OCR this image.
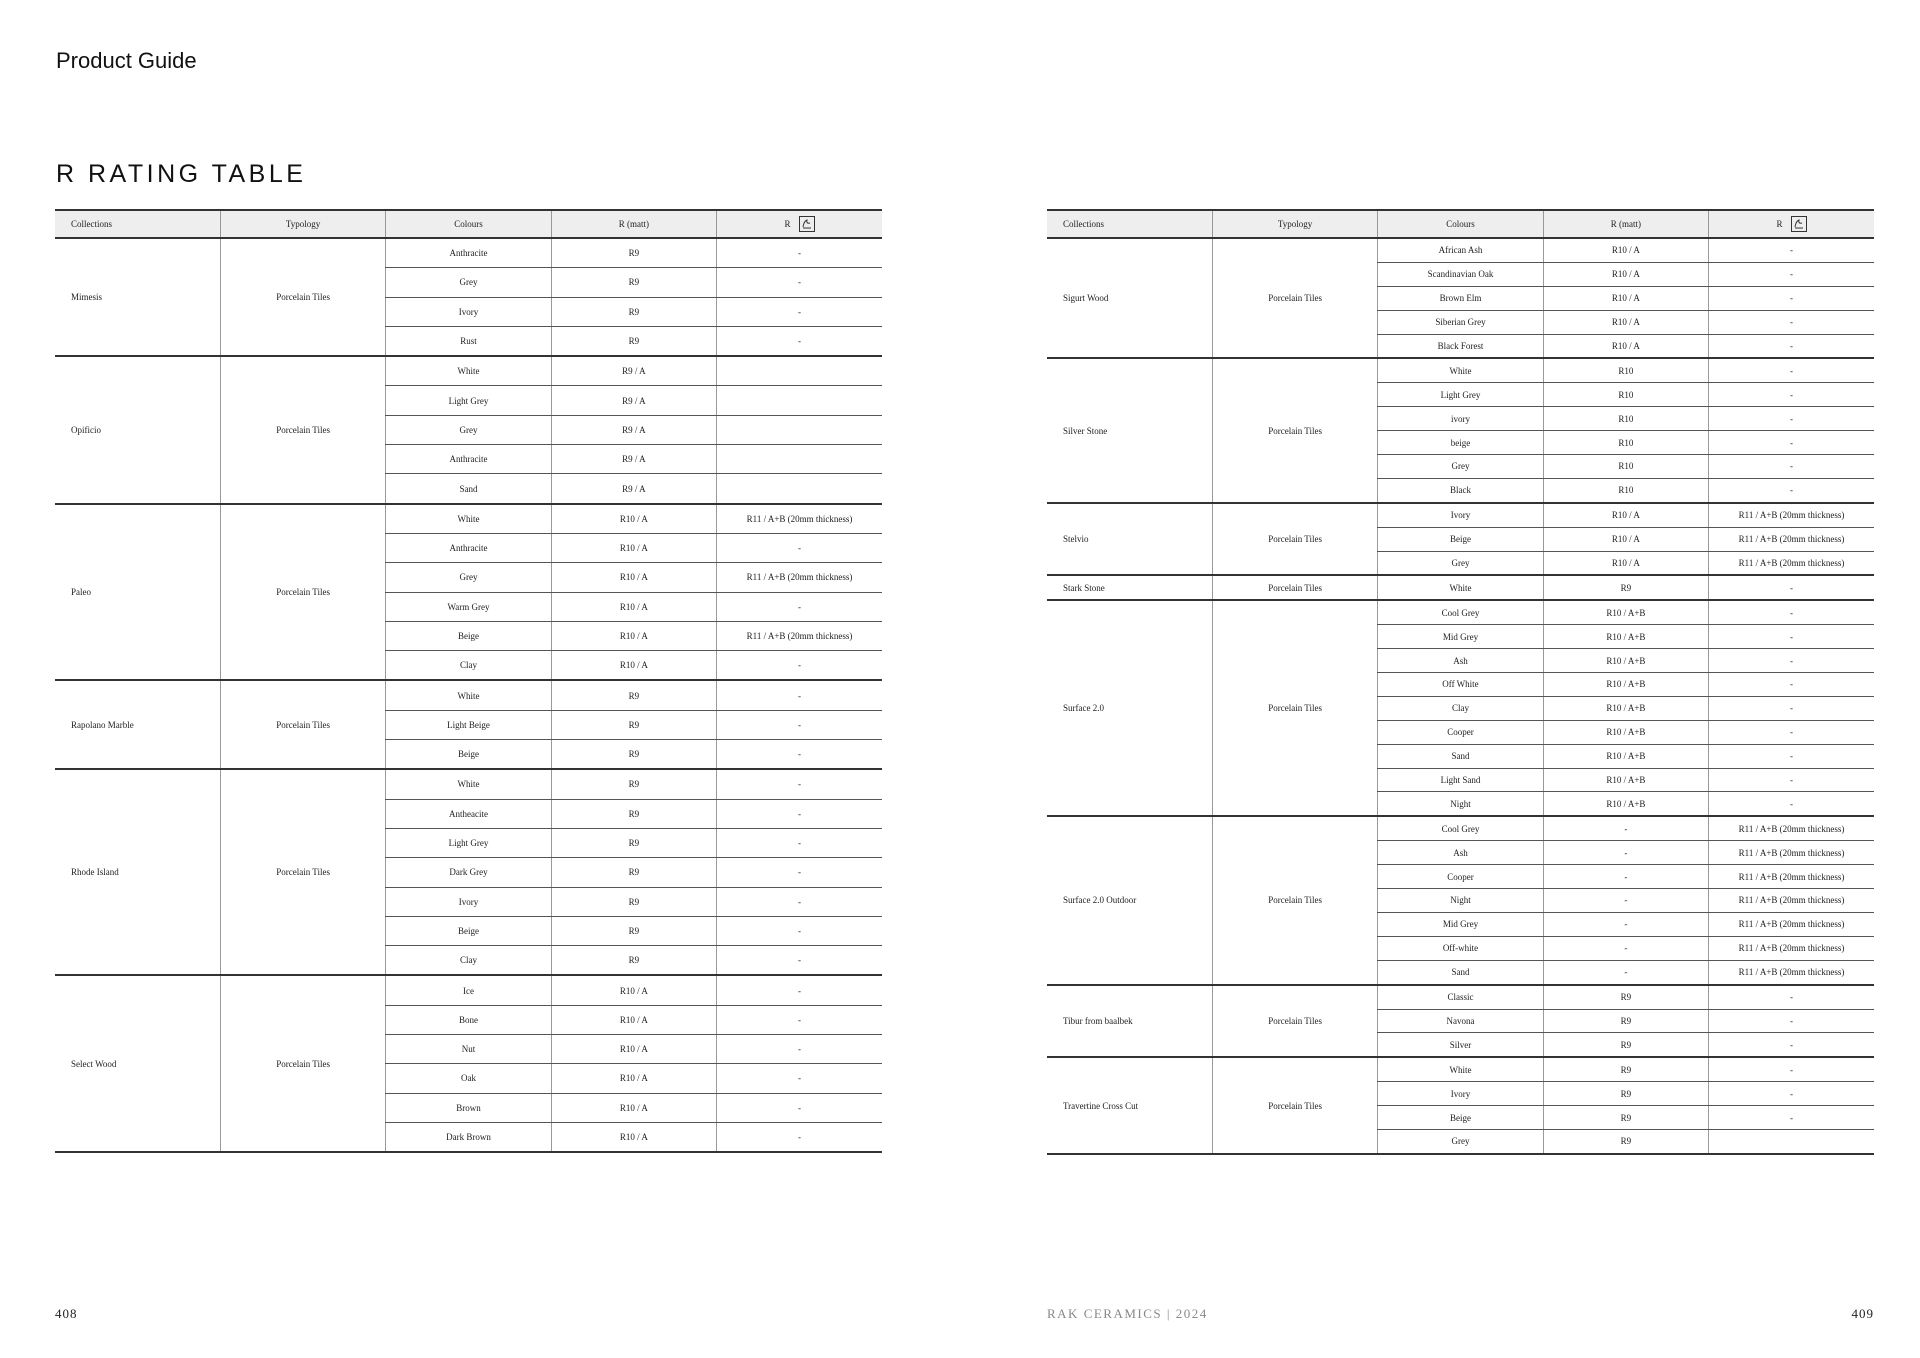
Product Guide
R RATING TABLE
Collections	Typology	Colours	R (matt)	R

Mimesis	Porcelain Tiles	Anthracite	R9	-
		Grey	R9	-
		Ivory	R9	-
		Rust	R9	-
Opificio	Porcelain Tiles	White	R9 / A	
		Light Grey	R9 / A	
		Grey	R9 / A	
		Anthracite	R9 / A	
		Sand	R9 / A	
Paleo	Porcelain Tiles	White	R10 / A	R11 / A+B (20mm thickness)
		Anthracite	R10 / A	-
		Grey	R10 / A	R11 / A+B (20mm thickness)
		Warm Grey	R10 / A	-
		Beige	R10 / A	R11 / A+B (20mm thickness)
		Clay	R10 / A	-
Rapolano Marble	Porcelain Tiles	White	R9	-
		Light Beige	R9	-
		Beige	R9	-
Rhode Island	Porcelain Tiles	White	R9	-
		Antheacite	R9	-
		Light Grey	R9	-
		Dark Grey	R9	-
		Ivory	R9	-
		Beige	R9	-
		Clay	R9	-
Select Wood	Porcelain Tiles	Ice	R10 / A	-
		Bone	R10 / A	-
		Nut	R10 / A	-
		Oak	R10 / A	-
		Brown	R10 / A	-
		Dark Brown	R10 / A	-
Collections	Typology	Colours	R (matt)	R

Sigurt Wood	Porcelain Tiles	African Ash	R10 / A	-
		Scandinavian Oak	R10 / A	-
		Brown Elm	R10 / A	-
		Siberian Grey	R10 / A	-
		Black Forest	R10 / A	-
Silver Stone	Porcelain Tiles	White	R10	-
		Light Grey	R10	-
		ivory	R10	-
		beige	R10	-
		Grey	R10	-
		Black	R10	-
Stelvio	Porcelain Tiles	Ivory	R10 / A	R11 / A+B (20mm thickness)
		Beige	R10 / A	R11 / A+B (20mm thickness)
		Grey	R10 / A	R11 / A+B (20mm thickness)
Stark Stone	Porcelain Tiles	White	R9	-
Surface 2.0	Porcelain Tiles	Cool Grey	R10 / A+B	-
		Mid Grey	R10 / A+B	-
		Ash	R10 / A+B	-
		Off White	R10 / A+B	-
		Clay	R10 / A+B	-
		Cooper	R10 / A+B	-
		Sand	R10 / A+B	-
		Light Sand	R10 / A+B	-
		Night	R10 / A+B	-
Surface 2.0 Outdoor	Porcelain Tiles	Cool Grey	-	R11 / A+B (20mm thickness)
		Ash	-	R11 / A+B (20mm thickness)
		Cooper	-	R11 / A+B (20mm thickness)
		Night	-	R11 / A+B (20mm thickness)
		Mid Grey	-	R11 / A+B (20mm thickness)
		Off-white	-	R11 / A+B (20mm thickness)
		Sand	-	R11 / A+B (20mm thickness)
Tibur from baalbek	Porcelain Tiles	Classic	R9	-
		Navona	R9	-
		Silver	R9	-
Travertine Cross Cut	Porcelain Tiles	White	R9	-
		Ivory	R9	-
		Beige	R9	-
		Grey	R9	
408	RAK CERAMICS | 2024	409
